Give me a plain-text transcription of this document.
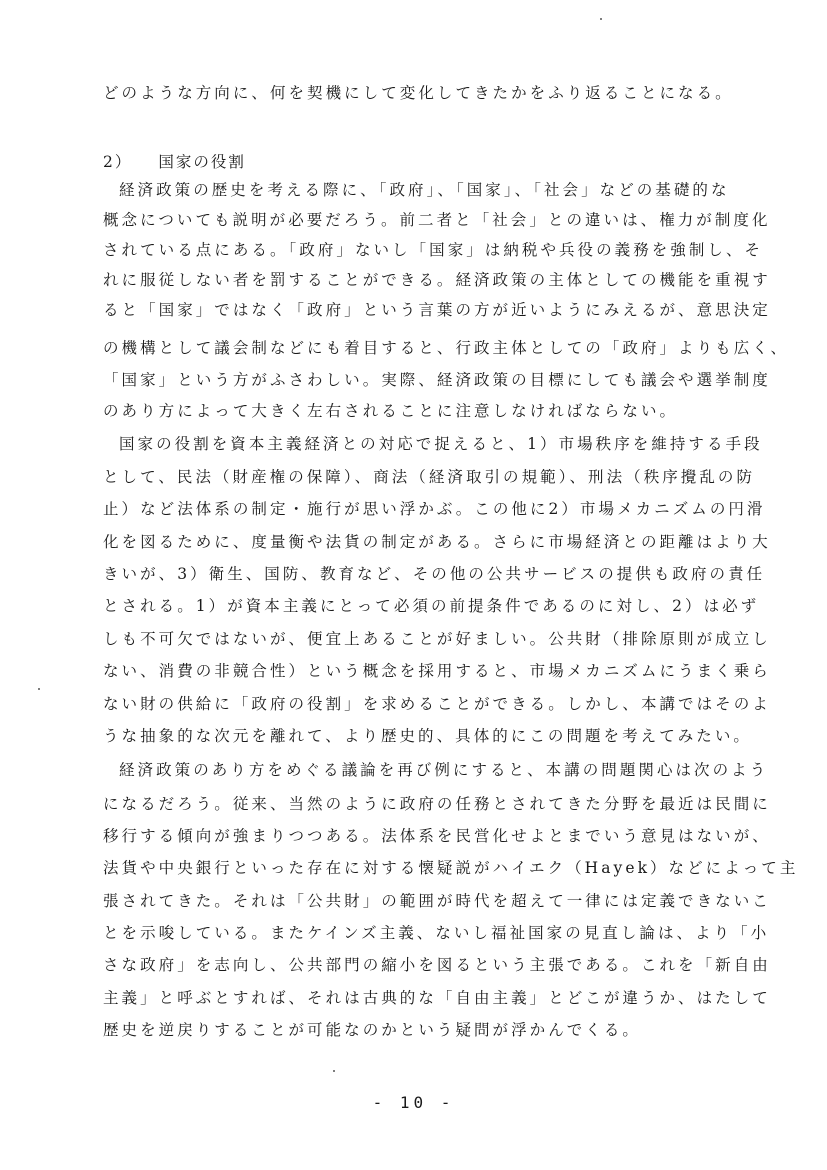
どのような方向に、何を契機にして変化してきたかをふり返ることになる。
2） 国家の役割
経済政策の歴史を考える際に、「政府」、「国家」、「社会」などの基礎的な
概念についても説明が必要だろう。前二者と「社会」との違いは、権力が制度化
されている点にある。「政府」ないし「国家」は納税や兵役の義務を強制し、そ
れに服従しない者を罰することができる。経済政策の主体としての機能を重視す
ると「国家」ではなく「政府」という言葉の方が近いようにみえるが、意思決定
の機構として議会制などにも着目すると、行政主体としての「政府」よりも広く、
「国家」という方がふさわしい。実際、経済政策の目標にしても議会や選挙制度
のあり方によって大きく左右されることに注意しなければならない。
国家の役割を資本主義経済との対応で捉えると、1）市場秩序を維持する手段
として、民法（財産権の保障）、商法（経済取引の規範）、刑法（秩序攪乱の防
止）など法体系の制定・施行が思い浮かぶ。この他に2）市場メカニズムの円滑
化を図るために、度量衡や法貨の制定がある。さらに市場経済との距離はより大
きいが、3）衛生、国防、教育など、その他の公共サービスの提供も政府の責任
とされる。1）が資本主義にとって必須の前提条件であるのに対し、2）は必ず
しも不可欠ではないが、便宜上あることが好ましい。公共財（排除原則が成立し
ない、消費の非競合性）という概念を採用すると、市場メカニズムにうまく乗ら
ない財の供給に「政府の役割」を求めることができる。しかし、本講ではそのよ
うな抽象的な次元を離れて、より歴史的、具体的にこの問題を考えてみたい。
経済政策のあり方をめぐる議論を再び例にすると、本講の問題関心は次のよう
になるだろう。従来、当然のように政府の任務とされてきた分野を最近は民間に
移行する傾向が強まりつつある。法体系を民営化せよとまでいう意見はないが、
法貨や中央銀行といった存在に対する懐疑説がハイエク（Hayek）などによって主
張されてきた。それは「公共財」の範囲が時代を超えて一律には定義できないこ
とを示唆している。またケインズ主義、ないし福祉国家の見直し論は、より「小
さな政府」を志向し、公共部門の縮小を図るという主張である。これを「新自由
主義」と呼ぶとすれば、それは古典的な「自由主義」とどこが違うか、はたして
歴史を逆戻りすることが可能なのかという疑問が浮かんでくる。
- 10 -
